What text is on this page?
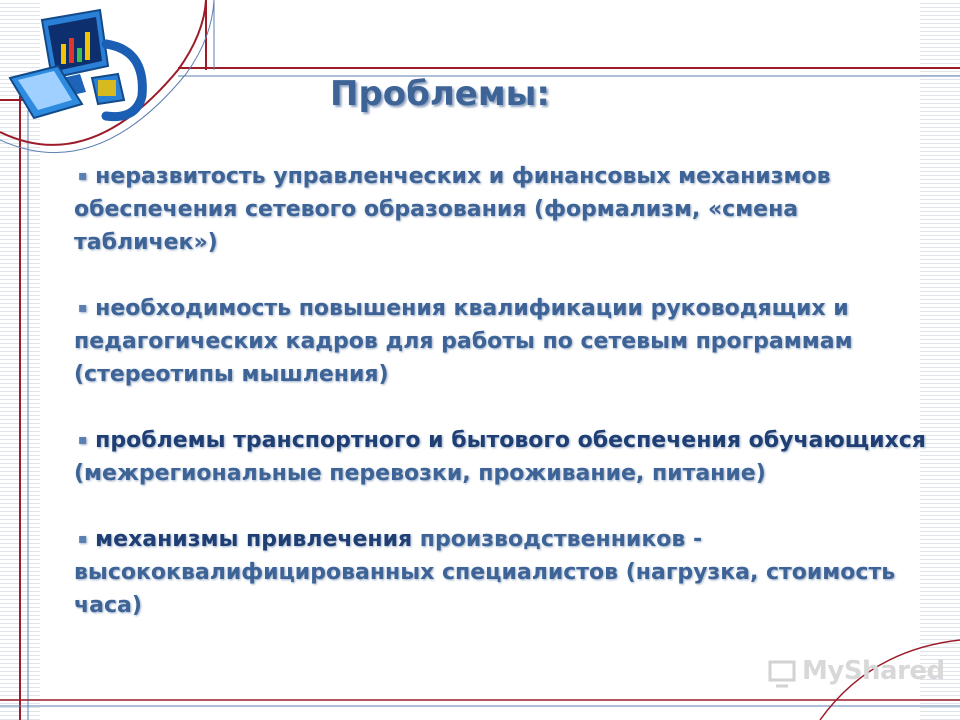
Проблемы:
▪ неразвитость управленческих и финансовых механизмов обеспечения сетевого образования (формализм, «смена табличек»)
▪ необходимость повышения квалификации руководящих и педагогических кадров для работы по сетевым программам (стереотипы мышления)
▪ проблемы транспортного и бытового обеспечения обучающихся (межрегиональные перевозки, проживание, питание)
▪ механизмы привлечения производственников - высококвалифицированных специалистов (нагрузка, стоимость часа)
MyShared
